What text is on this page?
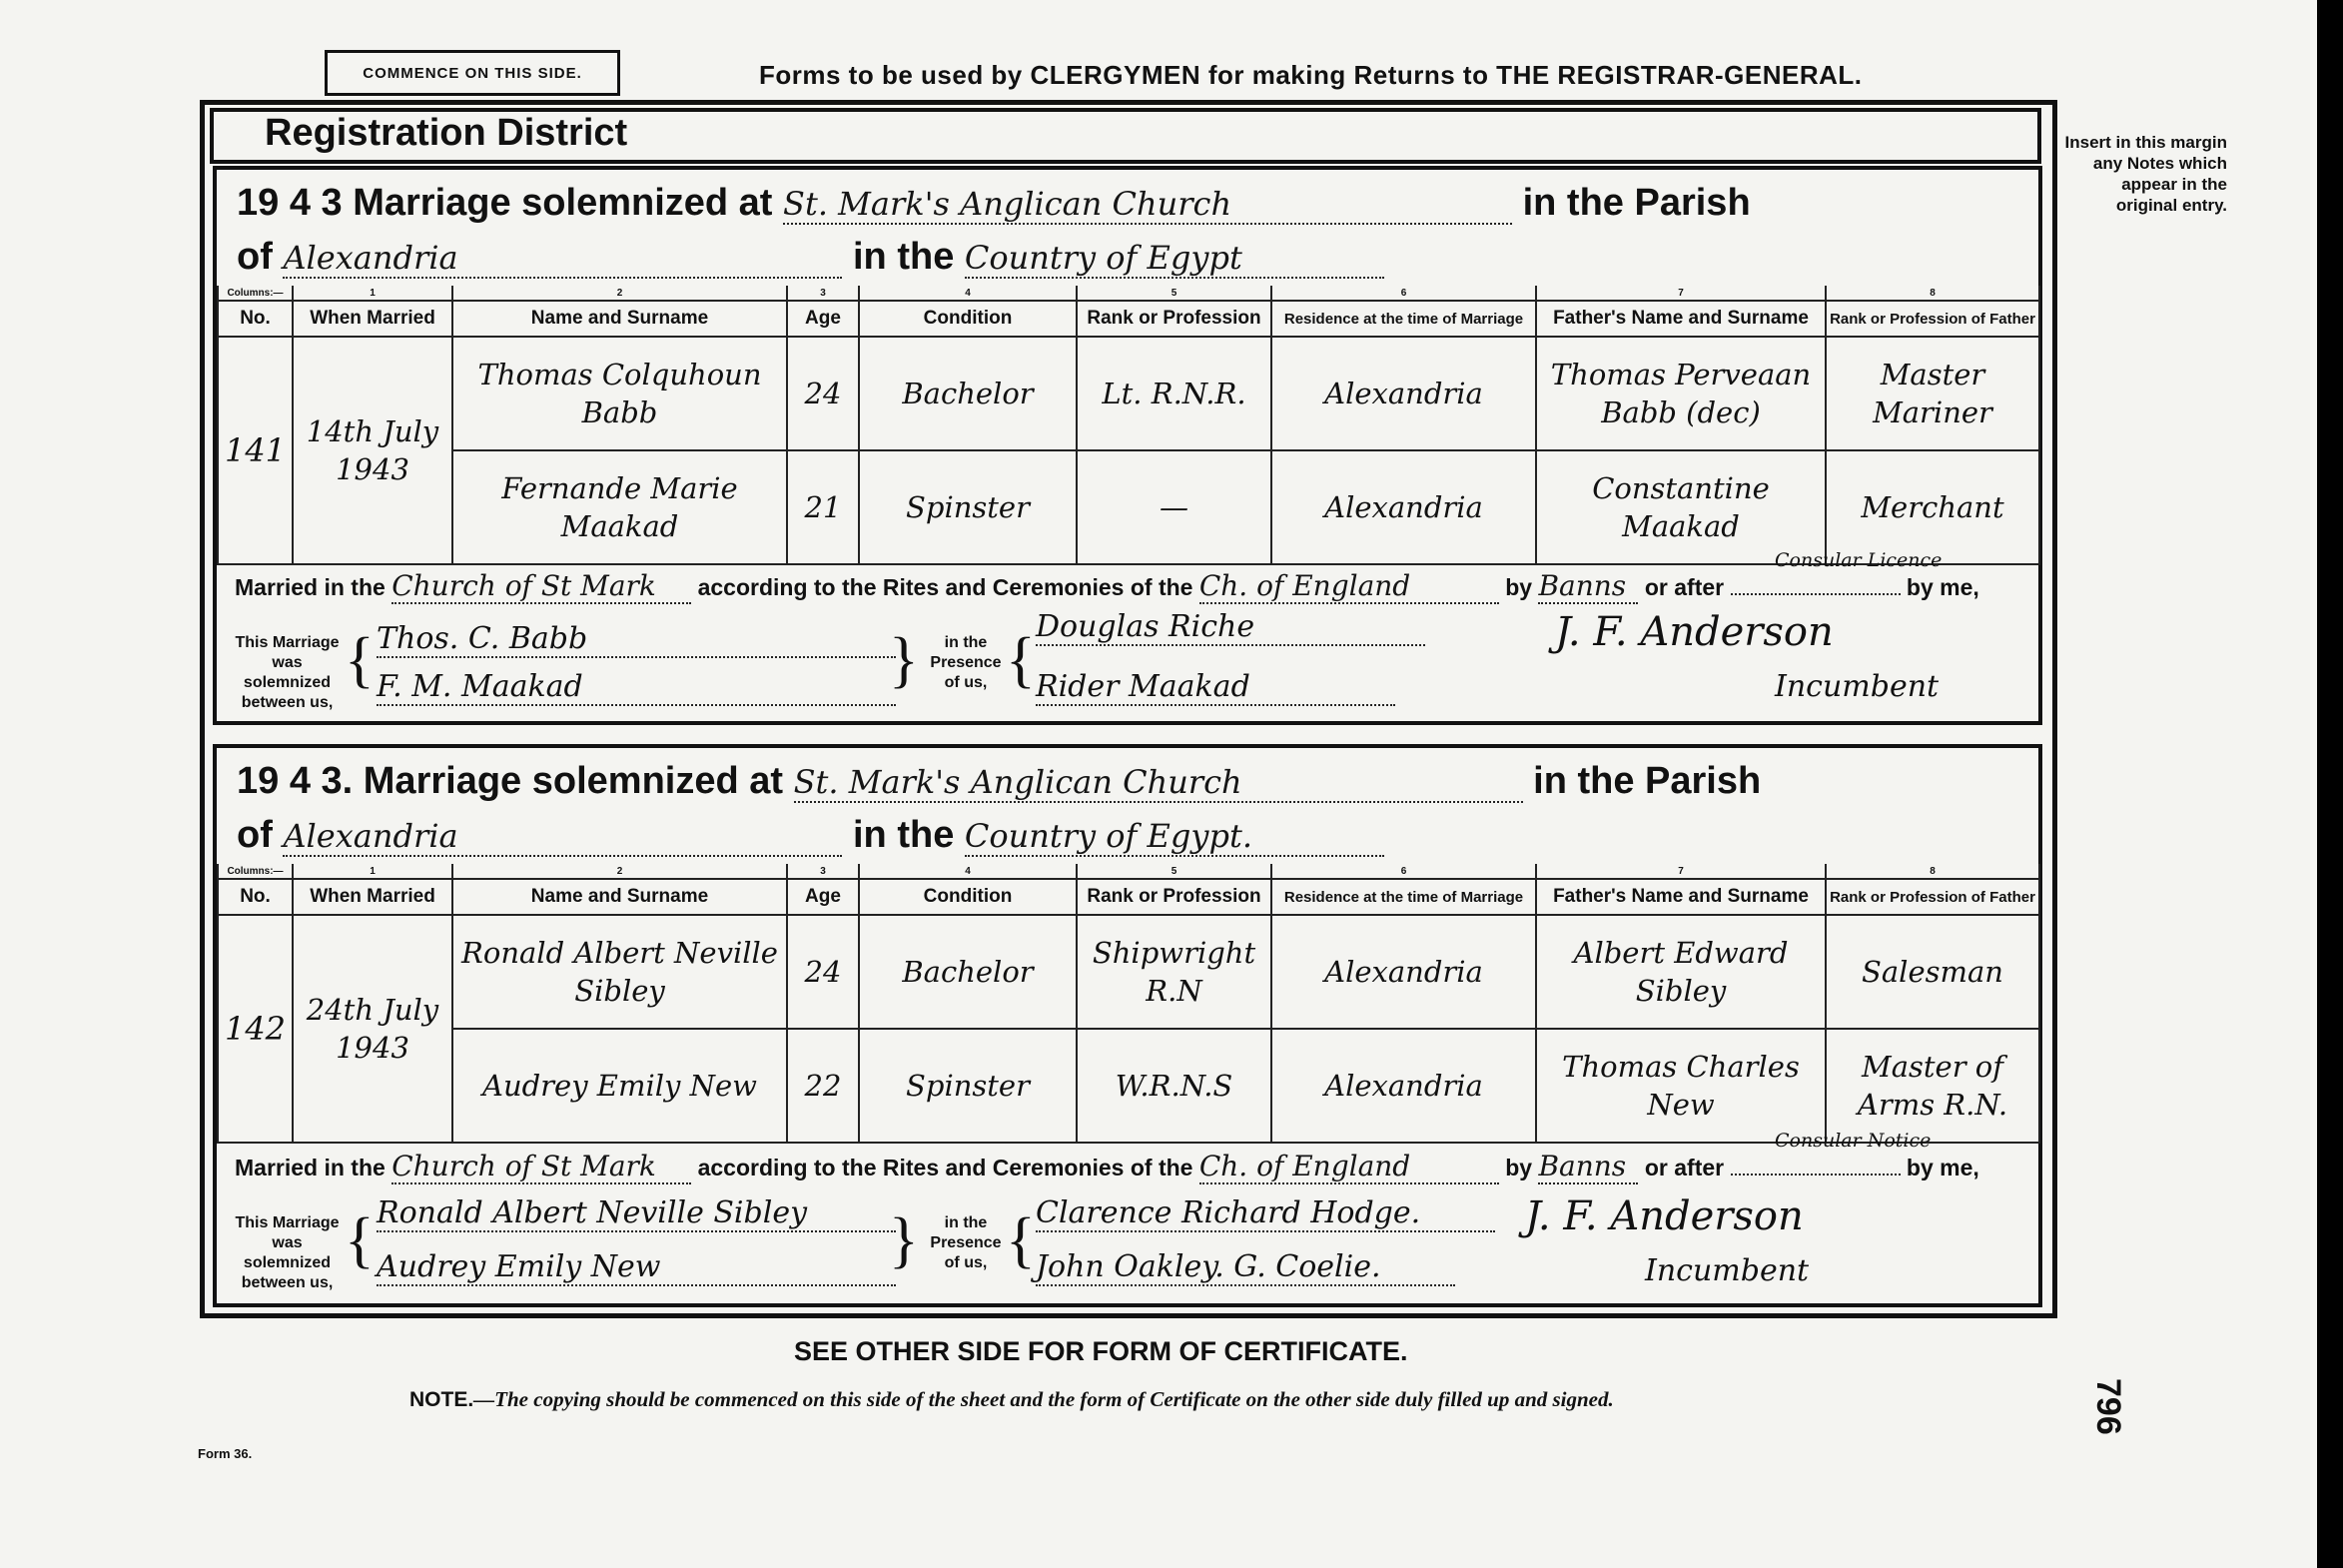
COMMENCE ON THIS SIDE.	Forms to be used by CLERGYMEN for making Returns to THE REGISTRAR-GENERAL.
Insert in this margin any Notes which appear in the original entry.
Registration District
19 4 3 Marriage solemnized at St. Mark's Anglican Church	in the Parish
of Alexandria	in the Country of Egypt
Columns:—	1	2	3	4	5	6	7	8
No.	When Married	Name and Surname	Age	Condition	Rank or Profession	Residence at the time of Marriage	Father's Name and Surname	Rank or Profession of Father
141	14th July 1943	Thomas Colquhoun Babb	24	Bachelor	Lt. R.N.R.	Alexandria	Thomas Perveaan Babb (dec)	Master Mariner
		Fernande Marie Maakad	21	Spinster	—	Alexandria	Constantine Maakad	Merchant
Married in the Church of St Mark according to the Rites and Ceremonies of the Ch. of England	by Banns or after	by me,
Consular Licence
This Marriage was solemnized between us,
{ Thos. C. Babb
F. M. Maakad	}	in the Presence of us, { Douglas Riche
Rider Maakad
J. F. Anderson
Incumbent
19 4 3. Marriage solemnized at St. Mark's Anglican Church	in the Parish
of Alexandria	in the Country of Egypt.
Columns:—	1	2	3	4	5	6	7	8
No.	When Married	Name and Surname	Age	Condition	Rank or Profession	Residence at the time of Marriage	Father's Name and Surname	Rank or Profession of Father
142	24th July 1943	Ronald Albert Neville Sibley	24	Bachelor	Shipwright R.N	Alexandria	Albert Edward Sibley	Salesman
		Audrey Emily New	22	Spinster	W.R.N.S	Alexandria	Thomas Charles New	Master of Arms R.N.
Married in the Church of St Mark according to the Rites and Ceremonies of the Ch. of England	by Banns or after	by me,
Consular Notice
This Marriage was solemnized between us,
{ Ronald Albert Neville Sibley
Audrey Emily New	}	in the Presence of us, { Clarence Richard Hodge.
John Oakley. G. Coelie.
J. F. Anderson
Incumbent
SEE OTHER SIDE FOR FORM OF CERTIFICATE.
NOTE.—The copying should be commenced on this side of the sheet and the form of Certificate on the other side duly filled up and signed.
Form 36.
796
